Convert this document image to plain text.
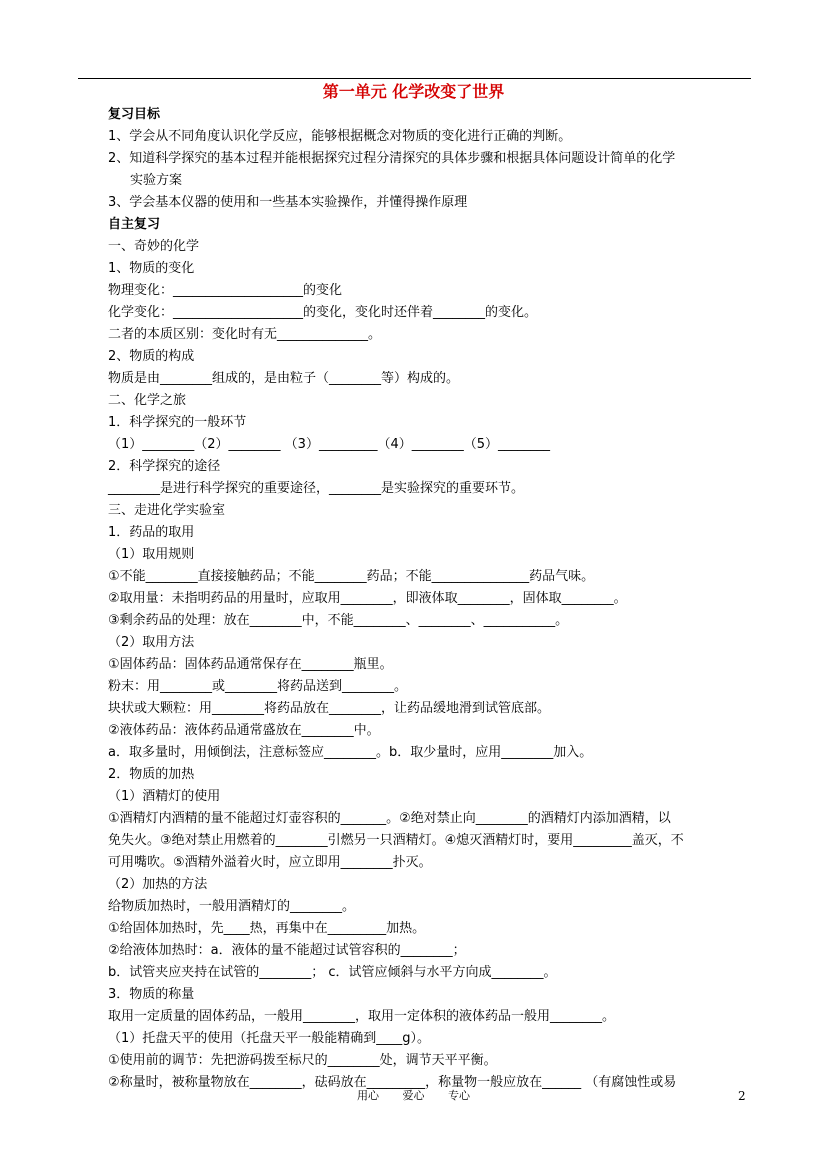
第一单元 化学改变了世界
复习目标
1、学会从不同角度认识化学反应，能够根据概念对物质的变化进行正确的判断。
2、知道科学探究的基本过程并能根据探究过程分清探究的具体步骤和根据具体问题设计简单的化学
实验方案
3、学会基本仪器的使用和一些基本实验操作，并懂得操作原理
自主复习
一、奇妙的化学
1、物质的变化
物理变化：____________________的变化
化学变化：____________________的变化，变化时还伴着________的变化。
二者的本质区别：变化时有无______________。
2、物质的构成
物质是由________组成的，是由粒子（________等）构成的。
二、化学之旅
1．科学探究的一般环节
（1）________（2）________ （3）_________（4）________（5）________
2．科学探究的途径
________是进行科学探究的重要途径，________是实验探究的重要环节。
三、走进化学实验室
1．药品的取用
（1）取用规则
①不能________直接接触药品；不能________药品；不能_______________药品气味。
②取用量：未指明药品的用量时，应取用________，即液体取________，固体取________。
③剩余药品的处理：放在________中，不能________、________、___________。
（2）取用方法
①固体药品：固体药品通常保存在________瓶里。
粉末：用________或________将药品送到________。
块状或大颗粒：用________将药品放在________，让药品缓地滑到试管底部。
②液体药品：液体药品通常盛放在________中。
a．取多量时，用倾倒法，注意标签应________。b．取少量时，应用________加入。
2．物质的加热
（1）酒精灯的使用
①酒精灯内酒精的量不能超过灯壶容积的_______。②绝对禁止向________的酒精灯内添加酒精，以
免失火。③绝对禁止用燃着的________引燃另一只酒精灯。④熄灭酒精灯时，要用_________盖灭，不
可用嘴吹。⑤酒精外溢着火时，应立即用________扑灭。
（2）加热的方法
给物质加热时，一般用酒精灯的________。
①给固体加热时，先____热，再集中在_________加热。
②给液体加热时：a．液体的量不能超过试管容积的________；
b．试管夹应夹持在试管的________； c．试管应倾斜与水平方向成________。
3．物质的称量
取用一定质量的固体药品，一般用________，取用一定体积的液体药品一般用________。
（1）托盘天平的使用（托盘天平一般能精确到____g）。
①使用前的调节：先把游码拨至标尺的________处，调节天平平衡。
②称量时，被称量物放在________，砝码放在_________，称量物一般应放在______ （有腐蚀性或易
用心 爱心 专心	2
